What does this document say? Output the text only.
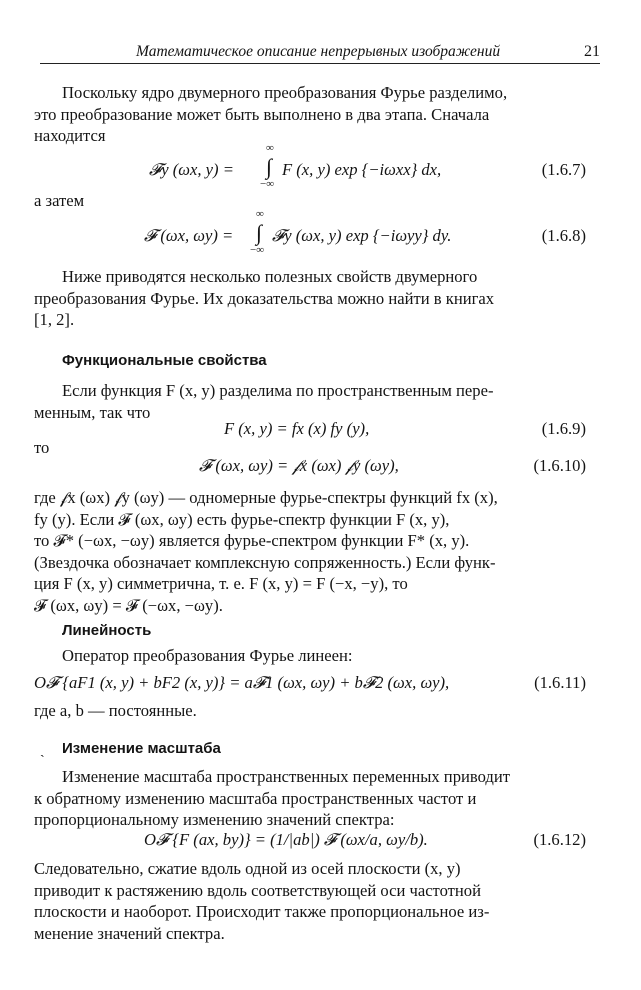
Математическое описание непрерывных изображений	21
Поскольку ядро двумерного преобразования Фурье разделимо,
это преобразование может быть выполнено в два этапа. Сначала
находится
𝓕y (ωx, y) =
∞
∫
−∞
F (x, y) exp {−iωxx} dx,	(1.6.7)
а затем
𝓕 (ωx, ωy) =
∞
∫
−∞
𝓕y (ωx, y) exp {−iωyy} dy.	(1.6.8)
Ниже приводятся несколько полезных свойств двумерного
преобразования Фурье. Их доказательства можно найти в книгах
[1, 2].
Функциональные свойства
Если функция F (x, y) разделима по пространственным пере-
менным, так что
F (x, y) = fx (x) fy (y),	(1.6.9)
то
𝓕 (ωx, ωy) = 𝒻x (ωx) 𝒻y (ωy),	(1.6.10)
где 𝒻x (ωx) 𝒻y (ωy) — одномерные фурье-спектры функций fx (x),
fy (y). Если 𝓕 (ωx, ωy) есть фурье-спектр функции F (x, y),
то 𝓕* (−ωx, −ωy) является фурье-спектром функции F* (x, y).
(Звездочка обозначает комплексную сопряженность.) Если функ-
ция F (x, y) симметрична, т. е. F (x, y) = F (−x, −y), то
𝓕 (ωx, ωy) = 𝓕 (−ωx, −ωy).
Линейность
Оператор преобразования Фурье линеен:
O𝓕 {aF1 (x, y) + bF2 (x, y)} = a𝓕1 (ωx, ωy) + b𝓕2 (ωx, ωy),	(1.6.11)
где a, b — постоянные.
ˏ Изменение масштаба
Изменение масштаба пространственных переменных приводит
к обратному изменению масштаба пространственных частот и
пропорциональному изменению значений спектра:
O𝓕 {F (ax, by)} = (1/|ab|) 𝓕 (ωx/a, ωy/b).	(1.6.12)
Следовательно, сжатие вдоль одной из осей плоскости (x, y)
приводит к растяжению вдоль соответствующей оси частотной
плоскости и наоборот. Происходит также пропорциональное из-
менение значений спектра.
